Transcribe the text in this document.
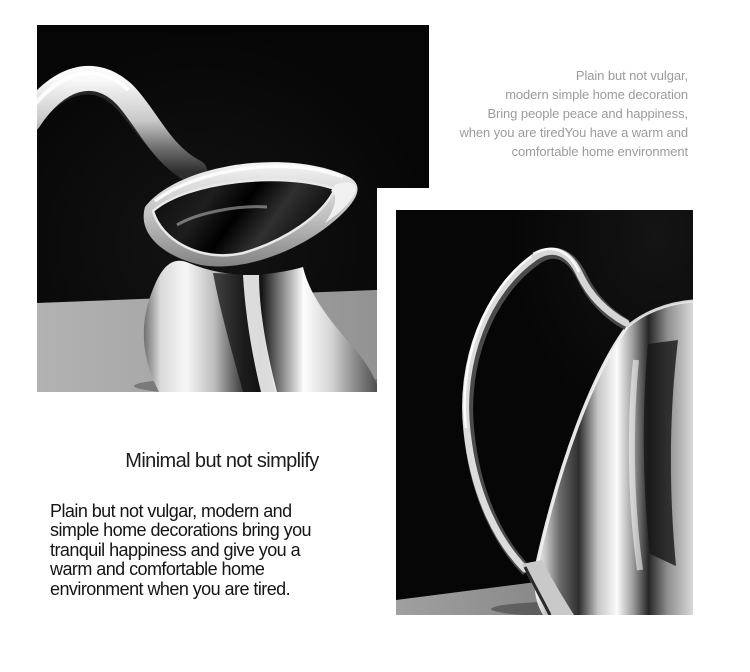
Plain but not vulgar,
modern simple home decoration
Bring people peace and happiness,
when you are tiredYou have a warm and
comfortable home environment
Minimal but not simplify
Plain but not vulgar, modern and
simple home decorations bring you
tranquil happiness and give you a
warm and comfortable home
environment when you are tired.
